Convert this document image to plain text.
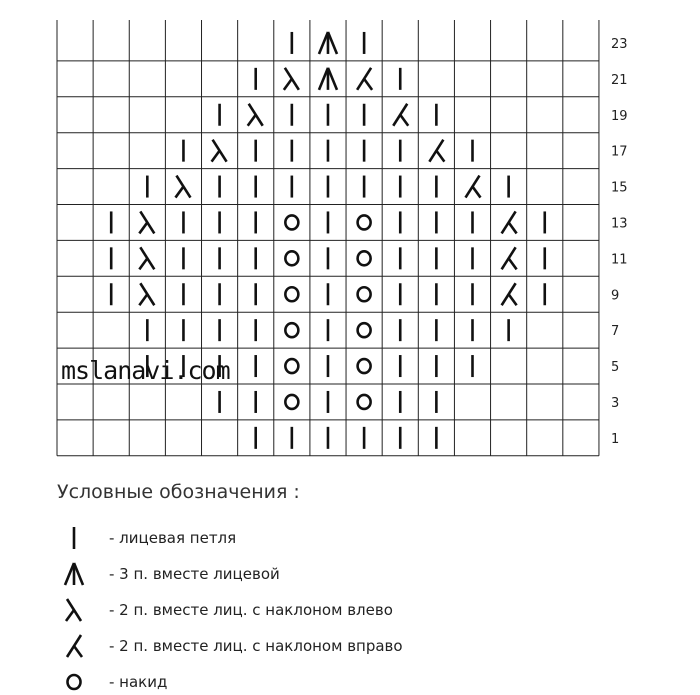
23
21
19
17
15
13
11
9
7
5
3
1
mslanavi.com
Условные обозначения :
- лицевая петля
- 3 п. вместе лицевой
- 2 п. вместе лиц. с наклоном влево
- 2 п. вместе лиц. с наклоном вправо
- накид
